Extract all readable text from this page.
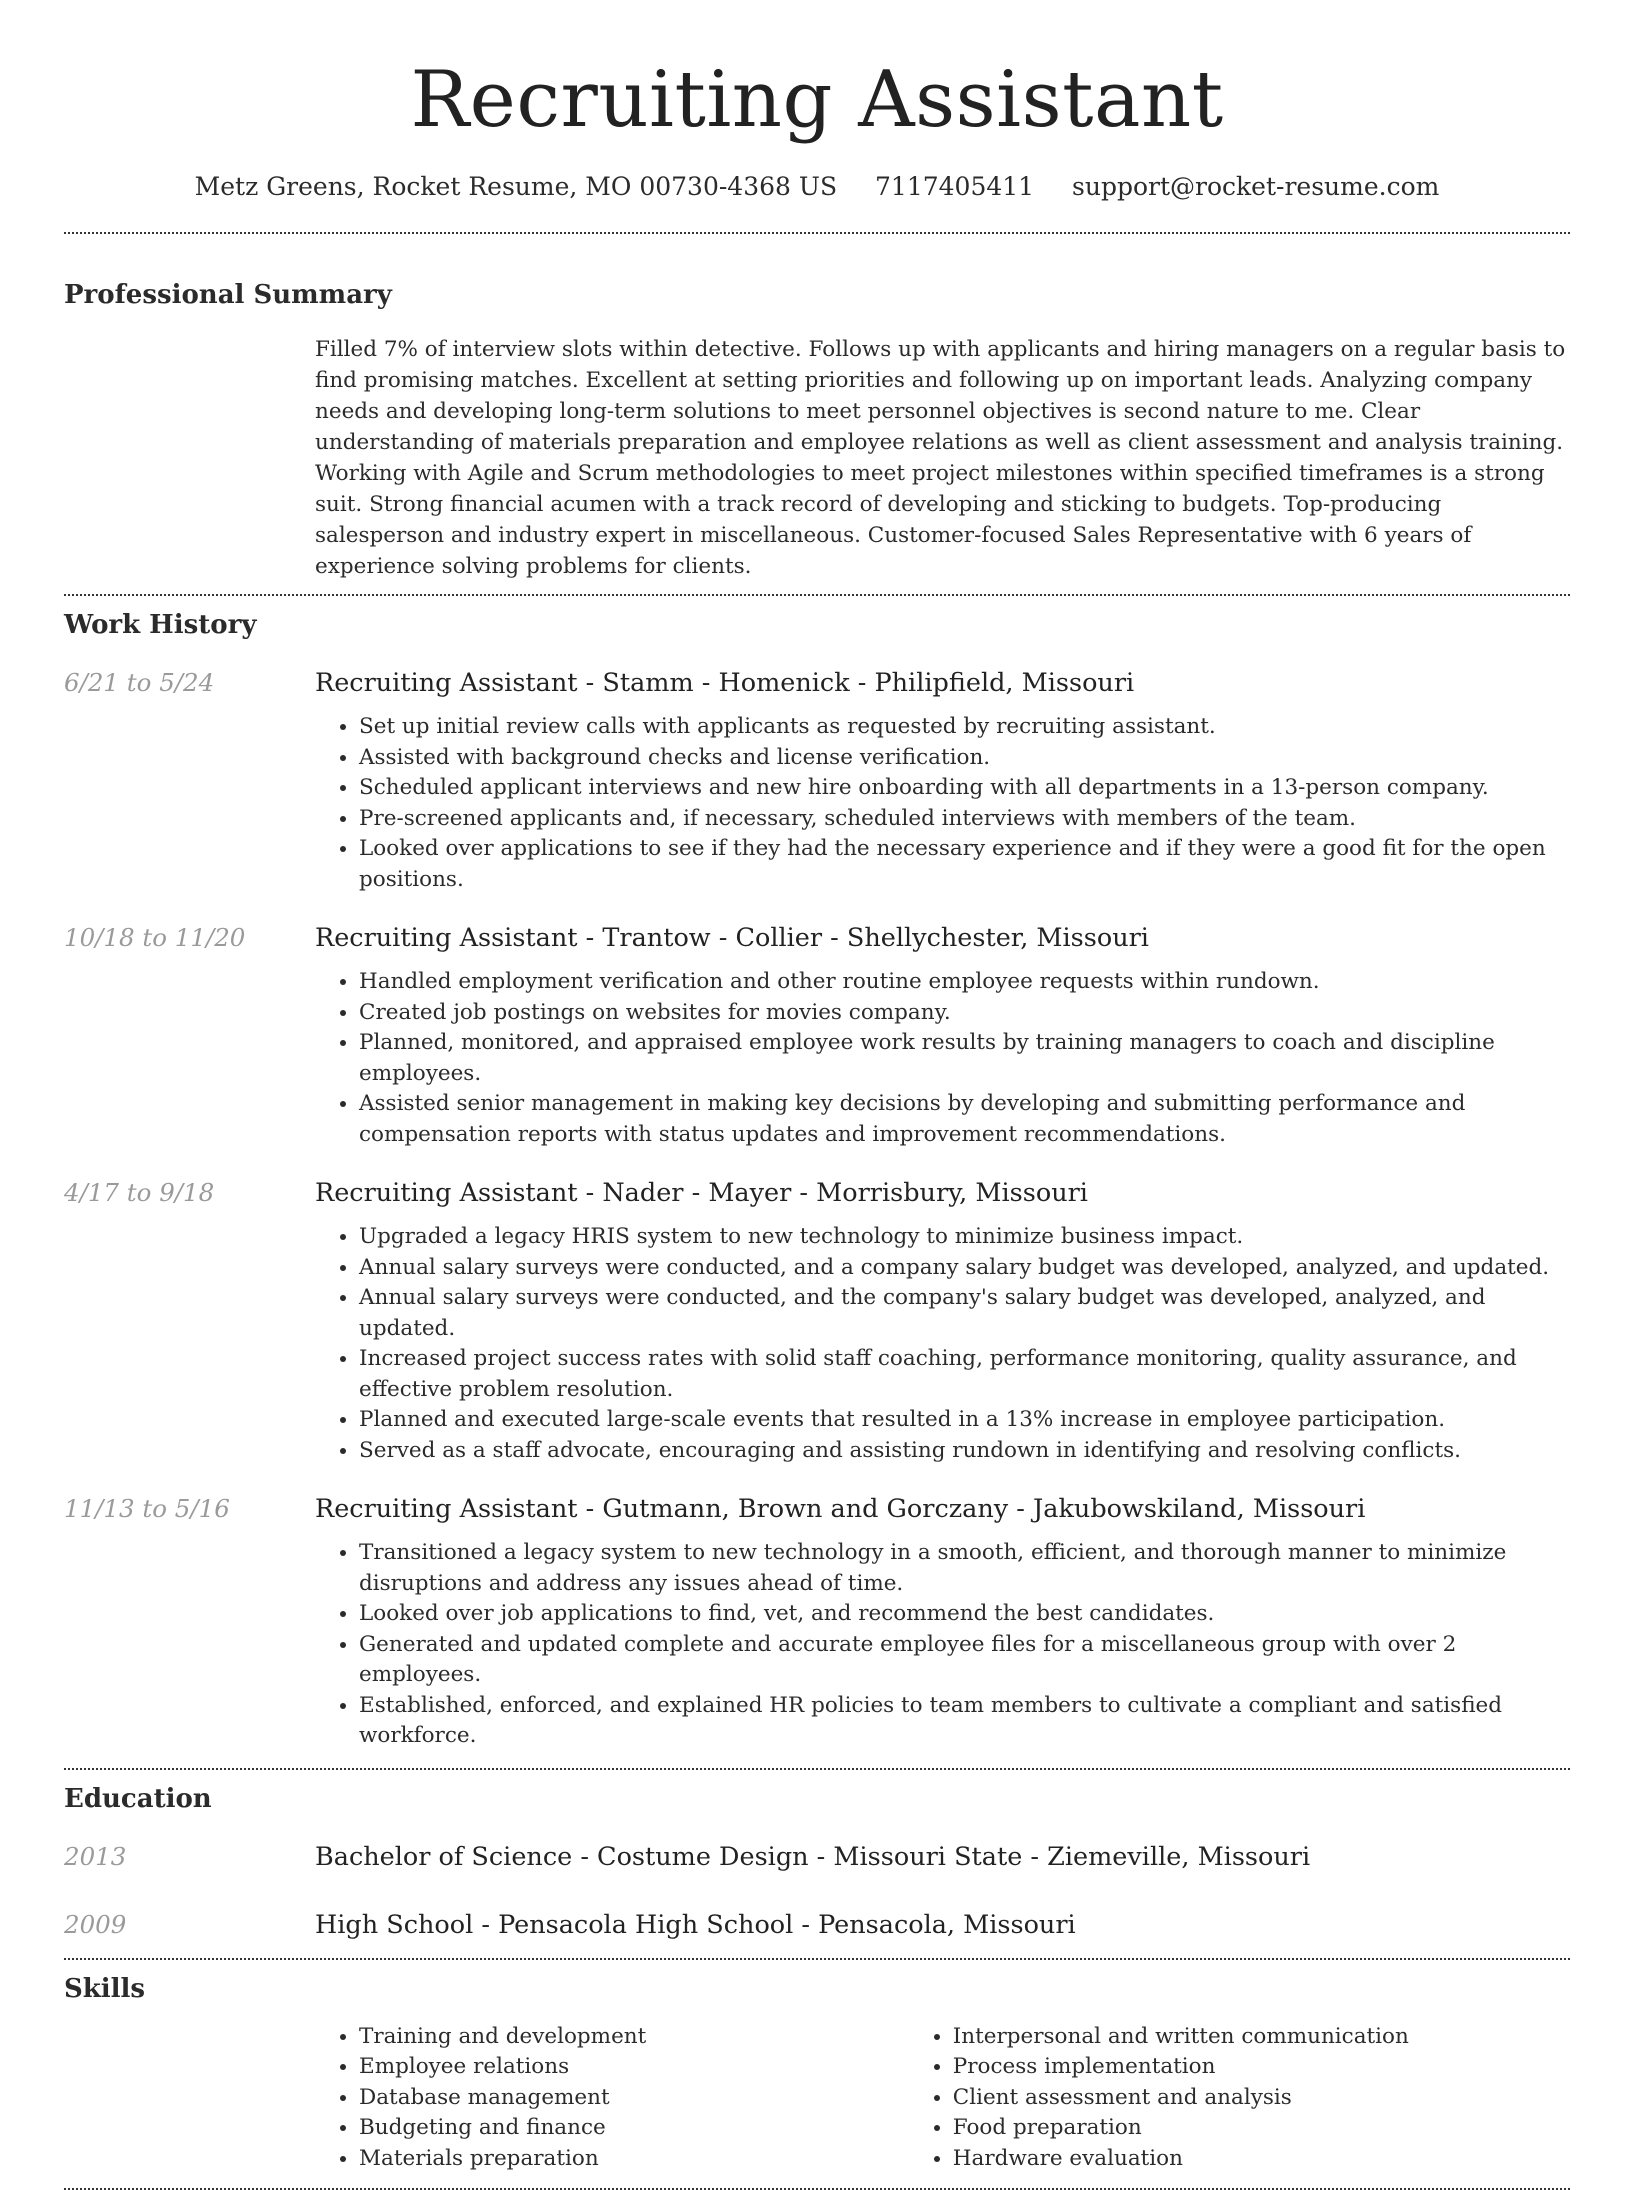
Recruiting Assistant
Metz Greens, Rocket Resume, MO 00730-4368 US 7117405411 support@rocket-resume.com
Professional Summary
Filled 7% of interview slots within detective. Follows up with applicants and hiring managers on a regular basis to find promising matches. Excellent at setting priorities and following up on important leads. Analyzing company needs and developing long-term solutions to meet personnel objectives is second nature to me. Clear understanding of materials preparation and employee relations as well as client assessment and analysis training. Working with Agile and Scrum methodologies to meet project milestones within specified timeframes is a strong suit. Strong financial acumen with a track record of developing and sticking to budgets. Top-producing salesperson and industry expert in miscellaneous. Customer-focused Sales Representative with 6 years of experience solving problems for clients.
Work History
6/21 to 5/24	Recruiting Assistant - Stamm - Homenick - Philipfield, Missouri
• Set up initial review calls with applicants as requested by recruiting assistant.
• Assisted with background checks and license verification.
• Scheduled applicant interviews and new hire onboarding with all departments in a 13-person company.
• Pre-screened applicants and, if necessary, scheduled interviews with members of the team.
• Looked over applications to see if they had the necessary experience and if they were a good fit for the open positions.
10/18 to 11/20	Recruiting Assistant - Trantow - Collier - Shellychester, Missouri
• Handled employment verification and other routine employee requests within rundown.
• Created job postings on websites for movies company.
• Planned, monitored, and appraised employee work results by training managers to coach and discipline employees.
• Assisted senior management in making key decisions by developing and submitting performance and compensation reports with status updates and improvement recommendations.
4/17 to 9/18	Recruiting Assistant - Nader - Mayer - Morrisbury, Missouri
• Upgraded a legacy HRIS system to new technology to minimize business impact.
• Annual salary surveys were conducted, and a company salary budget was developed, analyzed, and updated.
• Annual salary surveys were conducted, and the company's salary budget was developed, analyzed, and updated.
• Increased project success rates with solid staff coaching, performance monitoring, quality assurance, and effective problem resolution.
• Planned and executed large-scale events that resulted in a 13% increase in employee participation.
• Served as a staff advocate, encouraging and assisting rundown in identifying and resolving conflicts.
11/13 to 5/16	Recruiting Assistant - Gutmann, Brown and Gorczany - Jakubowskiland, Missouri
• Transitioned a legacy system to new technology in a smooth, efficient, and thorough manner to minimize disruptions and address any issues ahead of time.
• Looked over job applications to find, vet, and recommend the best candidates.
• Generated and updated complete and accurate employee files for a miscellaneous group with over 2 employees.
• Established, enforced, and explained HR policies to team members to cultivate a compliant and satisfied workforce.
Education
2013	Bachelor of Science - Costume Design - Missouri State - Ziemeville, Missouri
2009	High School - Pensacola High School - Pensacola, Missouri
Skills
• Training and development
• Employee relations
• Database management
• Budgeting and finance
• Materials preparation
• Interpersonal and written communication
• Process implementation
• Client assessment and analysis
• Food preparation
• Hardware evaluation
